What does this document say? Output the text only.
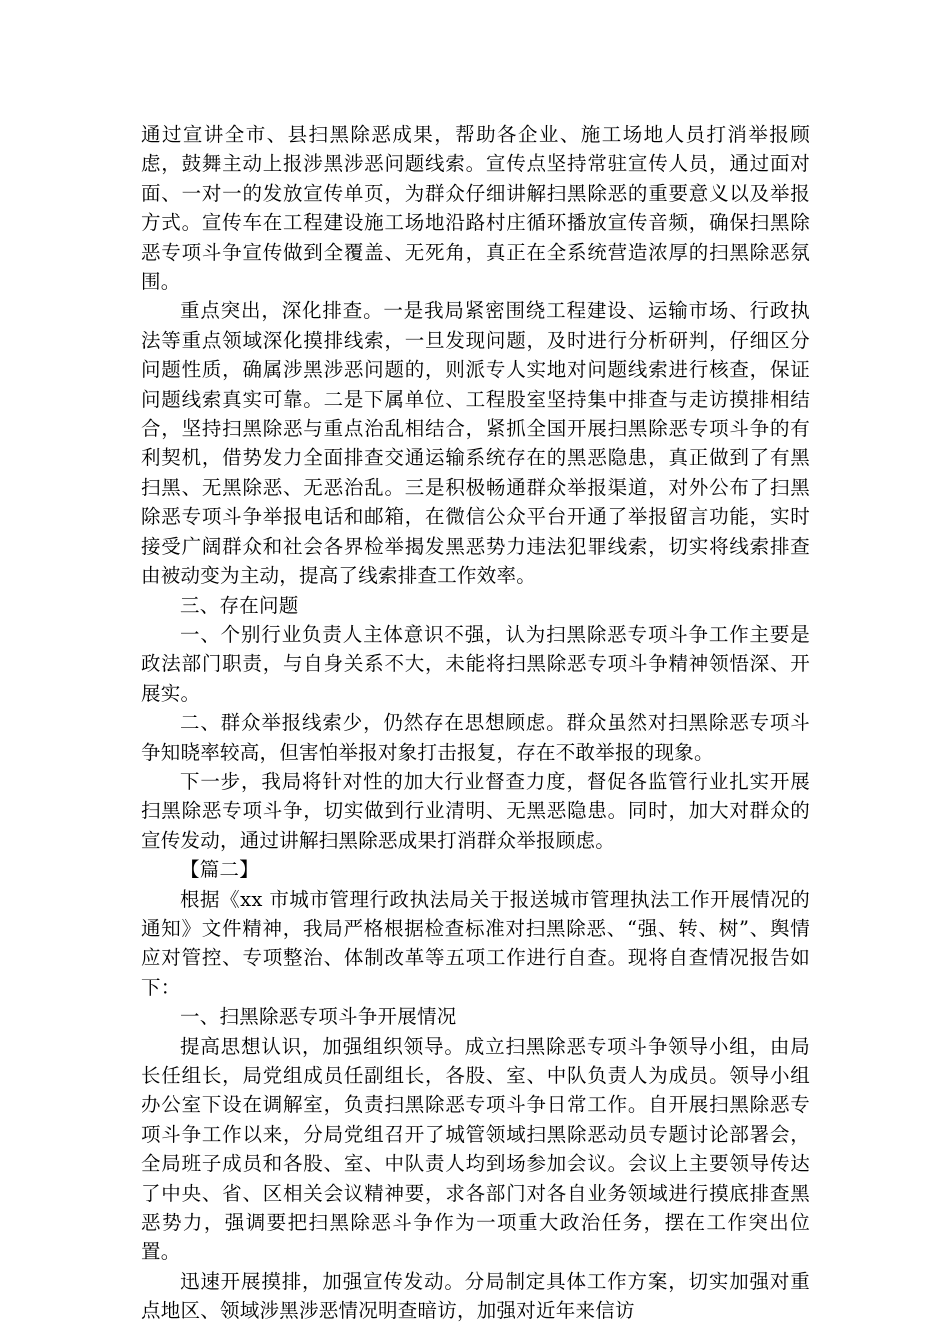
通过宣讲全市、县扫黑除恶成果，帮助各企业、施工场地人员打消举报顾虑，鼓舞主动上报涉黑涉恶问题线索。宣传点坚持常驻宣传人员，通过面对面、一对一的发放宣传单页，为群众仔细讲解扫黑除恶的重要意义以及举报方式。宣传车在工程建设施工场地沿路村庄循环播放宣传音频，确保扫黑除恶专项斗争宣传做到全覆盖、无死角，真正在全系统营造浓厚的扫黑除恶氛围。

重点突出，深化排查。一是我局紧密围绕工程建设、运输市场、行政执法等重点领域深化摸排线索，一旦发现问题，及时进行分析研判，仔细区分问题性质，确属涉黑涉恶问题的，则派专人实地对问题线索进行核查，保证问题线索真实可靠。二是下属单位、工程股室坚持集中排查与走访摸排相结合，坚持扫黑除恶与重点治乱相结合，紧抓全国开展扫黑除恶专项斗争的有利契机，借势发力全面排查交通运输系统存在的黑恶隐患，真正做到了有黑扫黑、无黑除恶、无恶治乱。三是积极畅通群众举报渠道，对外公布了扫黑除恶专项斗争举报电话和邮箱，在微信公众平台开通了举报留言功能，实时接受广阔群众和社会各界检举揭发黑恶势力违法犯罪线索，切实将线索排查由被动变为主动，提高了线索排查工作效率。

三、存在问题

一、个别行业负责人主体意识不强，认为扫黑除恶专项斗争工作主要是政法部门职责，与自身关系不大，未能将扫黑除恶专项斗争精神领悟深、开展实。

二、群众举报线索少，仍然存在思想顾虑。群众虽然对扫黑除恶专项斗争知晓率较高，但害怕举报对象打击报复，存在不敢举报的现象。

下一步，我局将针对性的加大行业督查力度，督促各监管行业扎实开展扫黑除恶专项斗争，切实做到行业清明、无黑恶隐患。同时，加大对群众的宣传发动，通过讲解扫黑除恶成果打消群众举报顾虑。

【篇二】

根据《xx 市城市管理行政执法局关于报送城市管理执法工作开展情况的通知》文件精神，我局严格根据检查标准对扫黑除恶、“强、转、树”、舆情应对管控、专项整治、体制改革等五项工作进行自查。现将自查情况报告如下：

一、扫黑除恶专项斗争开展情况

提高思想认识，加强组织领导。成立扫黑除恶专项斗争领导小组，由局长任组长，局党组成员任副组长，各股、室、中队负责人为成员。领导小组办公室下设在调解室，负责扫黑除恶专项斗争日常工作。自开展扫黑除恶专项斗争工作以来，分局党组召开了城管领域扫黑除恶动员专题讨论部署会，全局班子成员和各股、室、中队责人均到场参加会议。会议上主要领导传达了中央、省、区相关会议精神要，求各部门对各自业务领域进行摸底排查黑恶势力，强调要把扫黑除恶斗争作为一项重大政治任务，摆在工作突出位置。

迅速开展摸排，加强宣传发动。分局制定具体工作方案，切实加强对重点地区、领域涉黑涉恶情况明查暗访，加强对近年来信访
